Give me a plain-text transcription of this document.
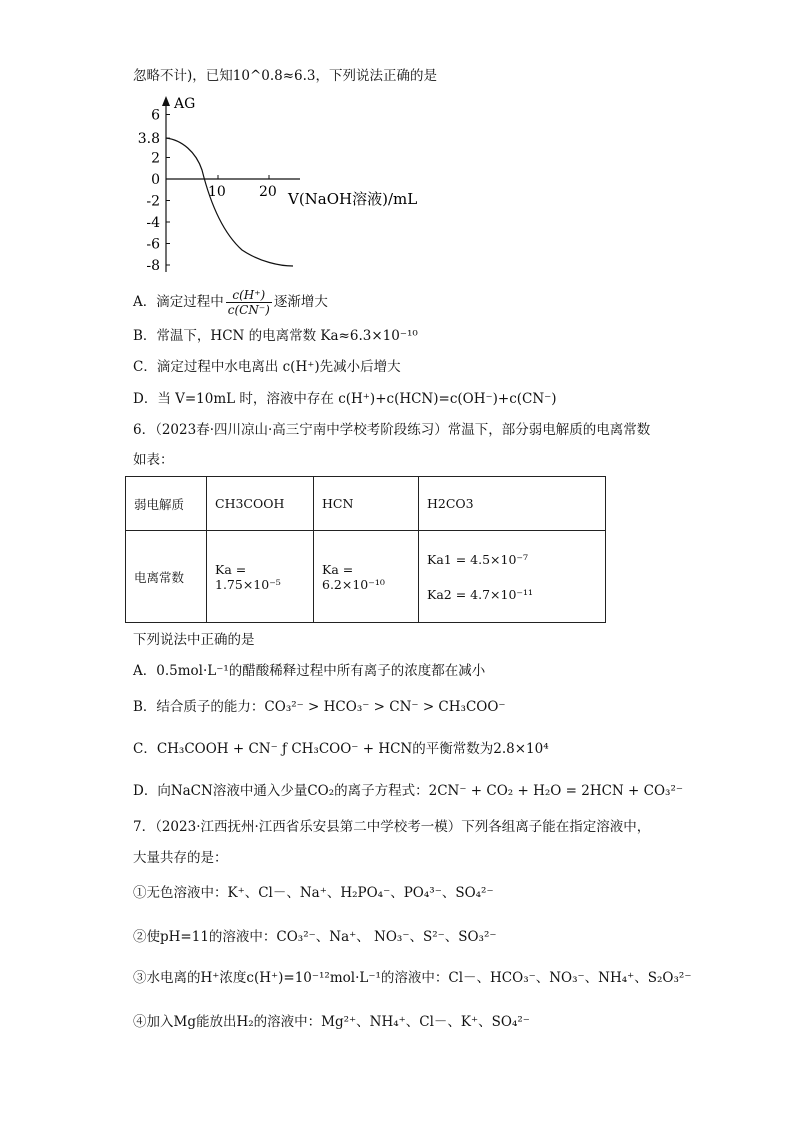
忽略不计)，已知10^0.8≈6.3，下列说法正确的是
AG
6
3.8
2
0
-2
-4
-6
-8
10 20 V(NaOH溶液)/mL
A．滴定过程中 $\frac{c(H^+)}{c(CN^-)}$ 逐渐增大
B．常温下，HCN 的电离常数 Ka≈6.3×10⁻¹⁰
C．滴定过程中水电离出 c(H⁺)先减小后增大
D．当 V=10mL 时，溶液中存在 c(H⁺)+c(HCN)=c(OH⁻)+c(CN⁻)
6．（2023春·四川凉山·高三宁南中学校考阶段练习）常温下，部分弱电解质的电离常数
如表：
弱电解质	CH3COOH	HCN	H2CO3
电离常数	Ka = 1.75×10⁻⁵	Ka = 6.2×10⁻¹⁰	Ka1 = 4.5×10⁻⁷
Ka2 = 4.7×10⁻¹¹
下列说法中正确的是
A．0.5mol·L⁻¹的醋酸稀释过程中所有离子的浓度都在减小
B．结合质子的能力：CO₃²⁻ > HCO₃⁻ > CN⁻ > CH₃COO⁻
C．CH₃COOH + CN⁻ ƒ CH₃COO⁻ + HCN的平衡常数为2.8×10⁴
D．向NaCN溶液中通入少量CO₂的离子方程式：2CN⁻ + CO₂ + H₂O = 2HCN + CO₃²⁻
7．（2023·江西抚州·江西省乐安县第二中学校考一模）下列各组离子能在指定溶液中，
大量共存的是：
①无色溶液中：K⁺、Cl－、Na⁺、H₂PO₄⁻、PO₄³⁻、SO₄²⁻
②使pH=11的溶液中：CO₃²⁻、Na⁺、 NO₃⁻、S²⁻、SO₃²⁻
③水电离的H⁺浓度c(H⁺)=10⁻¹²mol·L⁻¹的溶液中：Cl－、HCO₃⁻、NO₃⁻、NH₄⁺、S₂O₃²⁻
④加入Mg能放出H₂的溶液中：Mg²⁺、NH₄⁺、Cl－、K⁺、SO₄²⁻
